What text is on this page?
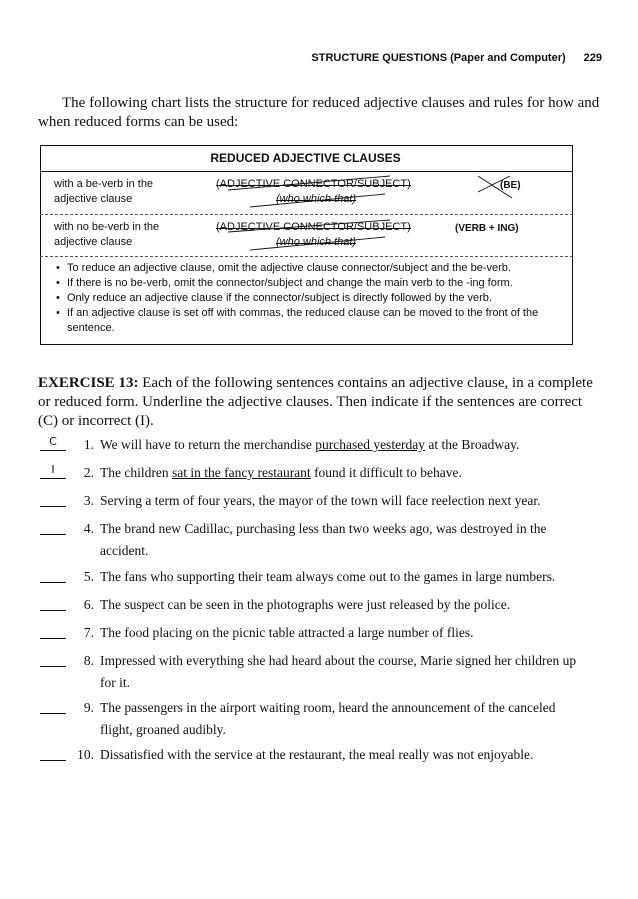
STRUCTURE QUESTIONS (Paper and Computer) 229
The following chart lists the structure for reduced adjective clauses and rules for how and when reduced forms can be used:
REDUCED ADJECTIVE CLAUSES
with a be-verb in the
adjective clause
(ADJECTIVE CONNECTOR/SUBJECT)
(who which that)
(BE)
with no be-verb in the
adjective clause
(ADJECTIVE CONNECTOR/SUBJECT)
(who which that)
(VERB + ING)
• To reduce an adjective clause, omit the adjective clause connector/subject and the be-verb.
• If there is no be-verb, omit the connector/subject and change the main verb to the -ing form.
• Only reduce an adjective clause if the connector/subject is directly followed by the verb.
• If an adjective clause is set off with commas, the reduced clause can be moved to the front of the sentence.
EXERCISE 13: Each of the following sentences contains an adjective clause, in a complete or reduced form. Underline the adjective clauses. Then indicate if the sentences are correct (C) or incorrect (I).
C	1. We will have to return the merchandise purchased yesterday at the Broadway.
I	2. The children sat in the fancy restaurant found it difficult to behave.
3. Serving a term of four years, the mayor of the town will face reelection next year.
4. The brand new Cadillac, purchasing less than two weeks ago, was destroyed in the accident.
5. The fans who supporting their team always come out to the games in large numbers.
6. The suspect can be seen in the photographs were just released by the police.
7. The food placing on the picnic table attracted a large number of flies.
8. Impressed with everything she had heard about the course, Marie signed her children up for it.
9. The passengers in the airport waiting room, heard the announcement of the canceled flight, groaned audibly.
10. Dissatisfied with the service at the restaurant, the meal really was not enjoyable.
